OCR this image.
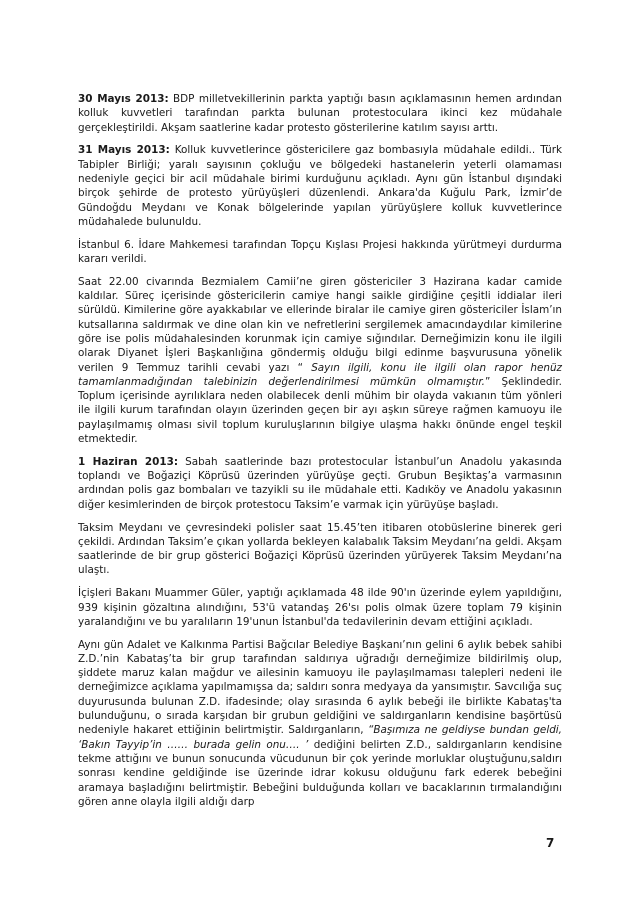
30 Mayıs 2013: BDP milletvekillerinin parkta yaptığı basın açıklamasının hemen ardından kolluk kuvvetleri tarafından parkta bulunan protestoculara ikinci kez müdahale gerçekleştirildi. Akşam saatlerine kadar protesto gösterilerine katılım sayısı arttı.

31 Mayıs 2013: Kolluk kuvvetlerince göstericilere gaz bombasıyla müdahale edildi.. Türk Tabipler Birliği; yaralı sayısının çokluğu ve bölgedeki hastanelerin yeterli olamaması nedeniyle geçici bir acil müdahale birimi kurduğunu açıkladı. Aynı gün İstanbul dışındaki birçok şehirde de protesto yürüyüşleri düzenlendi. Ankara'da Kuğulu Park, İzmir’de Gündoğdu Meydanı ve Konak bölgelerinde yapılan yürüyüşlere kolluk kuvvetlerince müdahalede bulunuldu.

İstanbul 6. İdare Mahkemesi tarafından Topçu Kışlası Projesi hakkında yürütmeyi durdurma kararı verildi.

Saat 22.00 civarında Bezmialem Camii’ne giren göstericiler 3 Hazirana kadar camide kaldılar. Süreç içerisinde göstericilerin camiye hangi saikle girdiğine çeşitli iddialar ileri sürüldü. Kimilerine göre ayakkabılar ve ellerinde biralar ile camiye giren göstericiler İslam’ın kutsallarına saldırmak ve dine olan kin ve nefretlerini sergilemek amacındaydılar kimilerine göre ise polis müdahalesinden korunmak için camiye sığındılar. Derneğimizin konu ile ilgili olarak Diyanet İşleri Başkanlığına göndermiş olduğu bilgi edinme başvurusuna yönelik verilen 9 Temmuz tarihli cevabi yazı “ Sayın ilgili, konu ile ilgili olan rapor henüz tamamlanmadığından talebinizin değerlendirilmesi mümkün olmamıştır.” Şeklindedir. Toplum içerisinde ayrılıklara neden olabilecek denli mühim bir olayda vakıanın tüm yönleri ile ilgili kurum tarafından olayın üzerinden geçen bir ayı aşkın süreye rağmen kamuoyu ile paylaşılmamış olması sivil toplum kuruluşlarının bilgiye ulaşma hakkı önünde engel teşkil etmektedir.

1 Haziran 2013: Sabah saatlerinde bazı protestocular İstanbul’un Anadolu yakasında toplandı ve Boğaziçi Köprüsü üzerinden yürüyüşe geçti. Grubun Beşiktaş’a varmasının ardından polis gaz bombaları ve tazyikli su ile müdahale etti. Kadıköy ve Anadolu yakasının diğer kesimlerinden de birçok protestocu Taksim’e varmak için yürüyüşe başladı.

Taksim Meydanı ve çevresindeki polisler saat 15.45’ten itibaren otobüslerine binerek geri çekildi. Ardından Taksim’e çıkan yollarda bekleyen kalabalık Taksim Meydanı’na geldi. Akşam saatlerinde de bir grup gösterici Boğaziçi Köprüsü üzerinden yürüyerek Taksim Meydanı’na ulaştı.

İçişleri Bakanı Muammer Güler, yaptığı açıklamada 48 ilde 90'ın üzerinde eylem yapıldığını, 939 kişinin gözaltına alındığını, 53'ü vatandaş 26'sı polis olmak üzere toplam 79 kişinin yaralandığını ve bu yaralıların 19'unun İstanbul'da tedavilerinin devam ettiğini açıkladı.

Aynı gün Adalet ve Kalkınma Partisi Bağcılar Belediye Başkanı’nın gelini 6 aylık bebek sahibi Z.D.’nin Kabataş’ta bir grup tarafından saldırıya uğradığı derneğimize bildirilmiş olup, şiddete maruz kalan mağdur ve ailesinin kamuoyu ile paylaşılmaması talepleri nedeni ile derneğimizce açıklama yapılmamışsa da; saldırı sonra medyaya da yansımıştır. Savcılığa suç duyurusunda bulunan Z.D. ifadesinde; olay sırasında 6 aylık bebeği ile birlikte Kabataş'ta bulunduğunu, o sırada karşıdan bir grubun geldiğini ve saldırganların kendisine başörtüsü nedeniyle hakaret ettiğinin belirtmiştir. Saldırganların, “Başımıza ne geldiyse bundan geldi, ‘Bakın Tayyip’in …… burada gelin onu…. ’ dediğini belirten Z.D., saldırganların kendisine tekme attığını ve bunun sonucunda vücudunun bir çok yerinde morluklar oluştuğunu,saldırı sonrası kendine geldiğinde ise üzerinde idrar kokusu olduğunu fark ederek bebeğini aramaya başladığını belirtmiştir. Bebeğini bulduğunda kolları ve bacaklarının tırmalandığını gören anne olayla ilgili aldığı darp

7
